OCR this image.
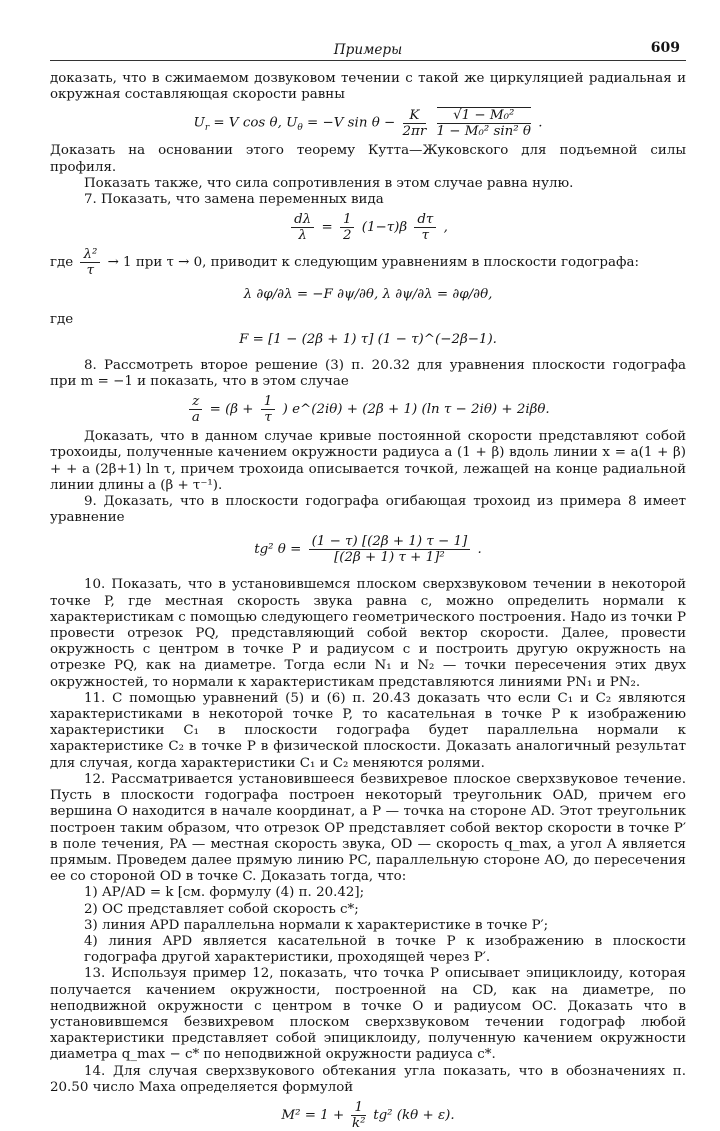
Примеры	609

доказать, что в сжимаемом дозвуковом течении с такой же циркуляцией радиальная и окружная составляющая скорости равны

$U_r = V$ cos θ, $U_\theta = -V$ $\sin \theta - \frac{K}{2\pi r}$
$\frac{\text{√1 − M₀²}}{\text{1 − M₀² sin² θ}}$ .

Доказать на основании этого теорему Кутта—Жуковского для подъемной силы профиля.

Показать также, что сила сопротивления в этом случае равна нулю.

7. Показать, что замена переменных вида

$\frac{d\lambda}{\lambda} = \frac{1}{2} (1-\tau)\beta \frac{d\tau}{\tau}$ ,

где $\frac{\text{λ²}}{\tau} \to 1$ при τ → 0, приводит к следующим уравнениям в плоскости годографа:

λ ∂φ/∂λ = −F ∂ψ/∂θ, λ ∂ψ/∂λ = ∂φ/∂θ,

где

F = [1 − (2β + 1) τ] (1 − τ)^(−2β−1).

8. Рассмотреть второе решение (3) п. 20.32 для уравнения плоскости годографа при m = −1 и показать, что в этом случае

$\frac{z}{a} = (\beta + \frac{1}{\tau}$ ) e^(2iθ) + (2β + 1) (ln τ − 2iθ) + 2iβθ.

Доказать, что в данном случае кривые постоянной скорости представляют собой трохоиды, полученные качением окружности радиуса a (1 + β) вдоль линии x = a(1 + β) + + a (2β+1) ln τ, причем трохоида описывается точкой, лежащей на конце радиальной линии длины a (β + τ⁻¹).

9. Доказать, что в плоскости годографа огибающая трохоид из примера 8 имеет уравнение

tg² $\theta = \frac{(1 - \tau) [(2\beta + 1) \tau - 1]}{\text{[(2β + 1) τ + 1]²}}$ .

10. Показать, что в установившемся плоском сверхзвуковом течении в некоторой точке P, где местная скорость звука равна c, можно определить нормали к характеристикам с помощью следующего геометрического построения. Надо из точки P провести отрезок PQ, представляющий собой вектор скорости. Далее, провести окружность с центром в точке P и радиусом c и построить другую окружность на отрезке PQ, как на диаметре. Тогда если N₁ и N₂ — точки пересечения этих двух окружностей, то нормали к характеристикам представляются линиями PN₁ и PN₂.

11. С помощью уравнений (5) и (6) п. 20.43 доказать что если C₁ и C₂ являются характеристиками в некоторой точке P, то касательная в точке P к изображению характеристики C₁ в плоскости годографа будет параллельна нормали к характеристике C₂ в точке P в физической плоскости. Доказать аналогичный результат для случая, когда характеристики C₁ и C₂ меняются ролями.

12. Рассматривается установившееся безвихревое плоское сверхзвуковое течение. Пусть в плоскости годографа построен некоторый треугольник OAD, причем его вершина O находится в начале координат, а P — точка на стороне AD. Этот треугольник построен таким образом, что отрезок OP представляет собой вектор скорости в точке P′ в поле течения, PA — местная скорость звука, OD — скорость q_max, а угол A является прямым. Проведем далее прямую линию PC, параллельную стороне AO, до пересечения ее со стороной OD в точке C. Доказать тогда, что:

1) AP/AD = k [см. формулу (4) п. 20.42];

2) OC представляет собой скорость c*;

3) линия APD параллельна нормали к характеристике в точке P′;

4) линия APD является касательной в точке P к изображению в плоскости годографа другой характеристики, проходящей через P′.

13. Используя пример 12, показать, что точка P описывает эпициклоиду, которая получается качением окружности, построенной на CD, как на диаметре, по неподвижной окружности с центром в точке O и радиусом OC. Доказать что в установившемся безвихревом плоском сверхзвуковом течении годограф любой характеристики представляет собой эпициклоиду, полученную качением окружности диаметра q_max − c* по неподвижной окружности радиуса c*.

14. Для случая сверхзвукового обтекания угла показать, что в обозначениях п. 20.50 число Маха определяется формулой

$M^2 = 1 + \frac{1}{\text{k²}} tg^2$ (kθ + ε).
